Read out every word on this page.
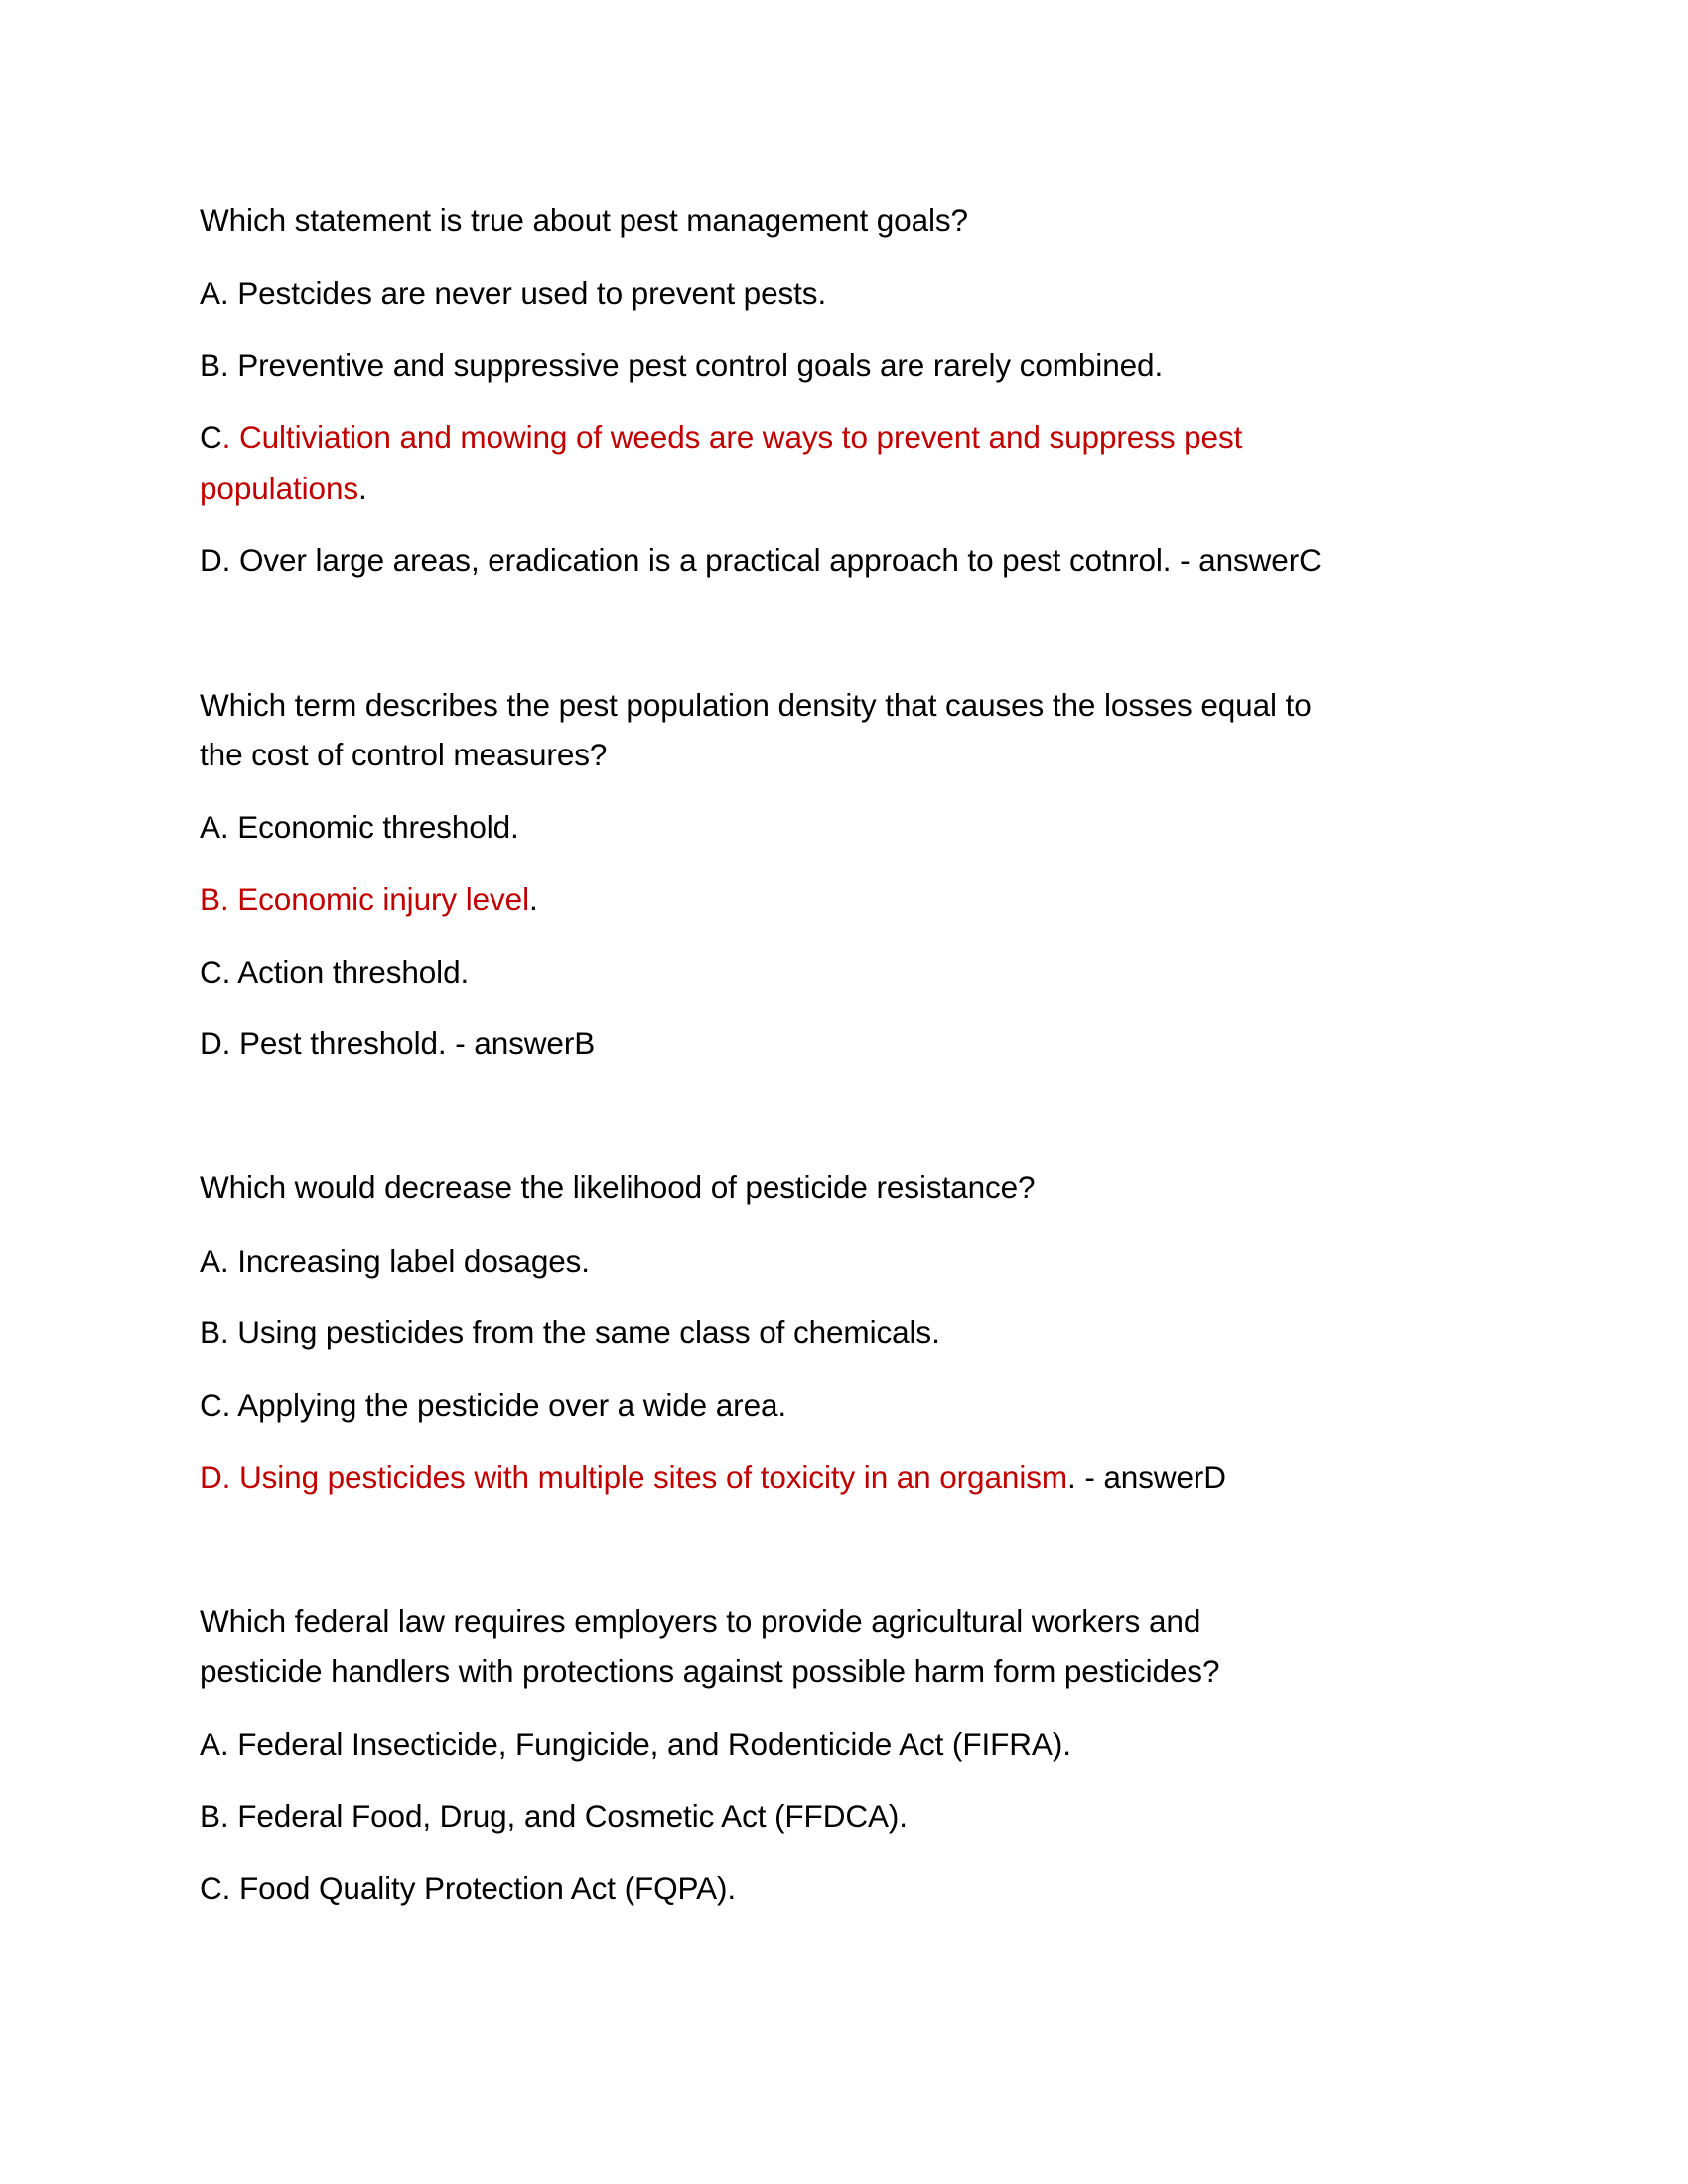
Which statement is true about pest management goals?
A. Pestcides are never used to prevent pests.
B. Preventive and suppressive pest control goals are rarely combined.
C. Cultiviation and mowing of weeds are ways to prevent and suppress pest
populations.
D. Over large areas, eradication is a practical approach to pest cotnrol. - answerC
Which term describes the pest population density that causes the losses equal to
the cost of control measures?
A. Economic threshold.
B. Economic injury level.
C. Action threshold.
D. Pest threshold. - answerB
Which would decrease the likelihood of pesticide resistance?
A. Increasing label dosages.
B. Using pesticides from the same class of chemicals.
C. Applying the pesticide over a wide area.
D. Using pesticides with multiple sites of toxicity in an organism. - answerD
Which federal law requires employers to provide agricultural workers and
pesticide handlers with protections against possible harm form pesticides?
A. Federal Insecticide, Fungicide, and Rodenticide Act (FIFRA).
B. Federal Food, Drug, and Cosmetic Act (FFDCA).
C. Food Quality Protection Act (FQPA).
